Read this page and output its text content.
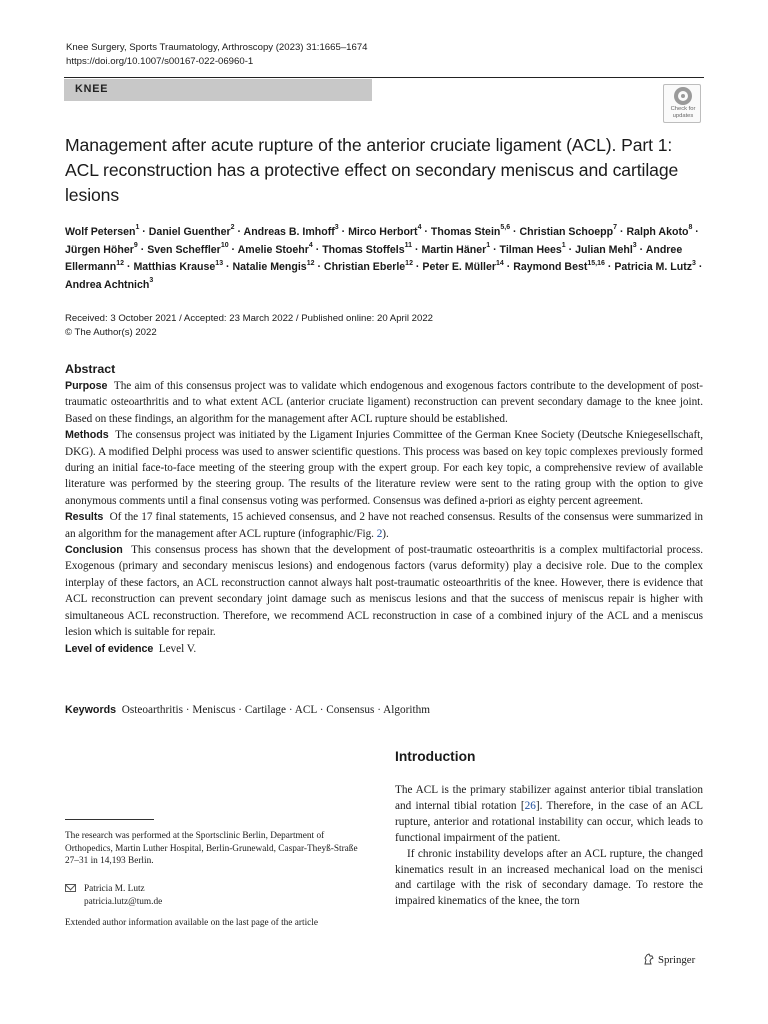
Knee Surgery, Sports Traumatology, Arthroscopy (2023) 31:1665–1674
https://doi.org/10.1007/s00167-022-06960-1
KNEE
Check for
updates
Management after acute rupture of the anterior cruciate ligament (ACL). Part 1: ACL reconstruction has a protective effect on secondary meniscus and cartilage lesions
Wolf Petersen$^1$ · Daniel Guenther$^2$ · Andreas B. Imhoff$^3$ · Mirco Herbort$^4$ · Thomas Stein$^{5,6}$ · Christian Schoepp$^7$ · Ralph Akoto$^8$ · Jürgen Höher$^9$ · Sven Scheffler$^{10}$ · Amelie Stoehr$^4$ · Thomas Stoffels$^{11}$ · Martin Häner$^1$ · Tilman Hees$^1$ · Julian Mehl$^3$ · Andree Ellermann$^{12}$ · Matthias Krause$^{13}$ · Natalie Mengis$^{12}$ · Christian Eberle$^{12}$ · Peter E. Müller$^{14}$ · Raymond Best$^{15,16}$ · Patricia M. Lutz$^3$ · Andrea Achtnich$^3$
Received: 3 October 2021 / Accepted: 23 March 2022 / Published online: 20 April 2022
© The Author(s) 2022
Abstract

Purpose The aim of this consensus project was to validate which endogenous and exogenous factors contribute to the development of post-traumatic osteoarthritis and to what extent ACL (anterior cruciate ligament) reconstruction can prevent secondary damage to the knee joint. Based on these findings, an algorithm for the management after ACL rupture should be established.

Methods The consensus project was initiated by the Ligament Injuries Committee of the German Knee Society (Deutsche Kniegesellschaft, DKG). A modified Delphi process was used to answer scientific questions. This process was based on key topic complexes previously formed during an initial face-to-face meeting of the steering group with the expert group. For each key topic, a comprehensive review of available literature was performed by the steering group. The results of the literature review were sent to the rating group with the option to give anonymous comments until a final consensus voting was performed. Consensus was defined a-priori as eighty percent agreement.

Results Of the 17 final statements, 15 achieved consensus, and 2 have not reached consensus. Results of the consensus were summarized in an algorithm for the management after ACL rupture (infographic/Fig. 2).

Conclusion This consensus process has shown that the development of post-traumatic osteoarthritis is a complex multifactorial process. Exogenous (primary and secondary meniscus lesions) and endogenous factors (varus deformity) play a decisive role. Due to the complex interplay of these factors, an ACL reconstruction cannot always halt post-traumatic osteoarthritis of the knee. However, there is evidence that ACL reconstruction can prevent secondary joint damage such as meniscus lesions and that the success of meniscus repair is higher with simultaneous ACL reconstruction. Therefore, we recommend ACL reconstruction in case of a combined injury of the ACL and a meniscus lesion which is suitable for repair.

Level of evidence Level V.

Keywords Osteoarthritis · Meniscus · Cartilage · ACL · Consensus · Algorithm
Introduction

The ACL is the primary stabilizer against anterior tibial translation and internal tibial rotation [26]. Therefore, in the case of an ACL rupture, anterior and rotational instability can occur, which leads to functional impairment of the patient.

If chronic instability develops after an ACL rupture, the changed kinematics result in an increased mechanical load on the menisci and cartilage with the risk of secondary damage. To restore the impaired kinematics of the knee, the torn

The research was performed at the Sportsclinic Berlin, Department of Orthopedics, Martin Luther Hospital, Berlin-Grunewald, Caspar-Theyß-Straße 27–31 in 14,193 Berlin.
Patricia M. Lutz
patricia.lutz@tum.de
Extended author information available on the last page of the article
Springer
